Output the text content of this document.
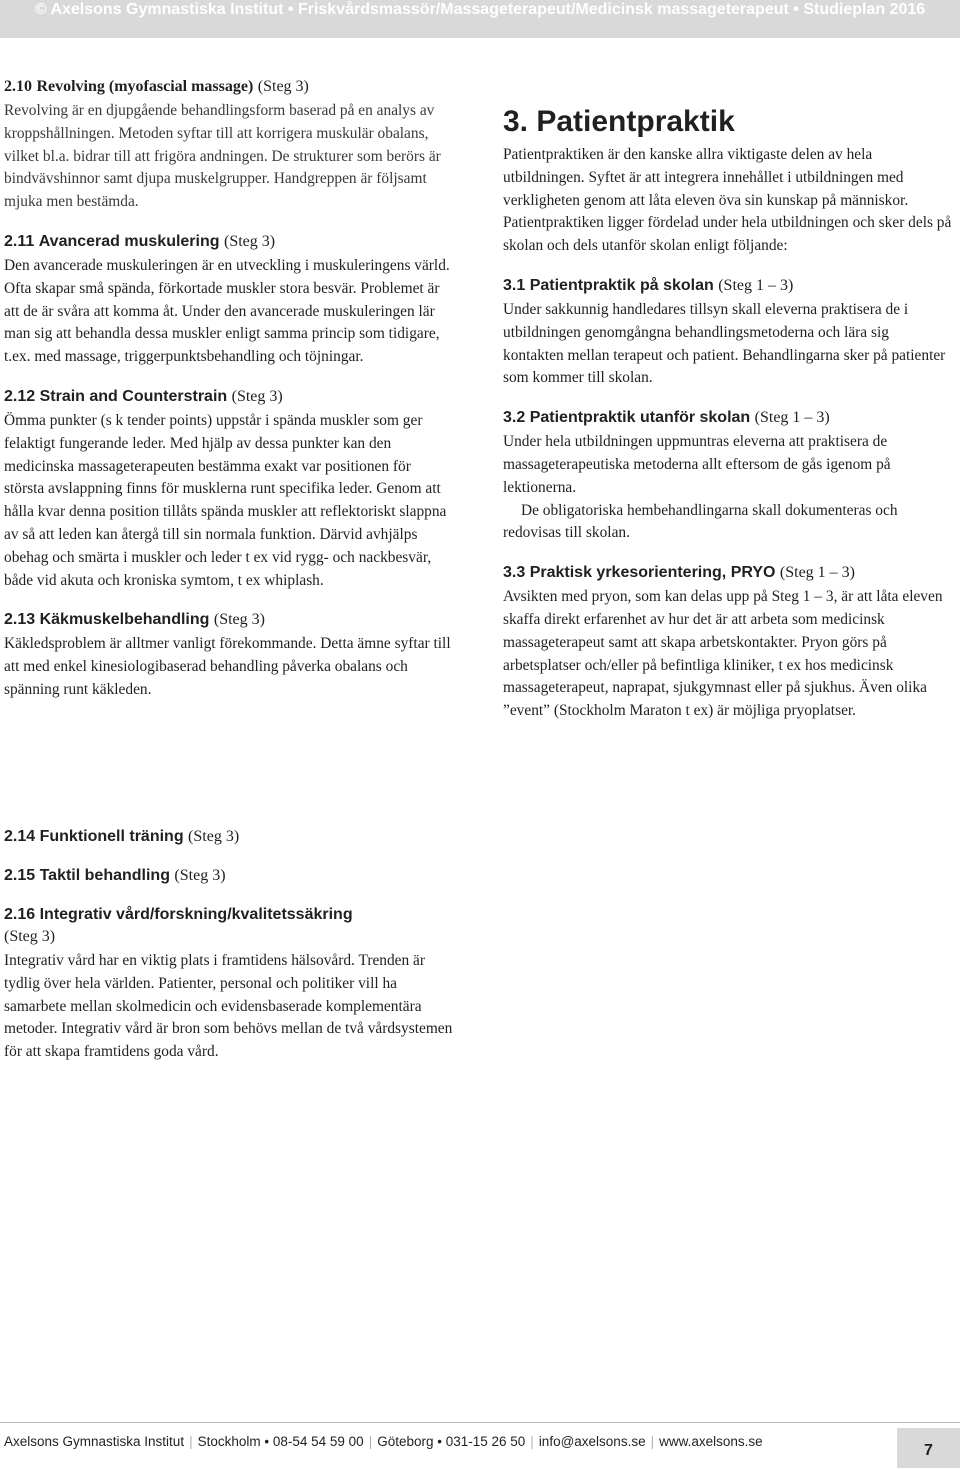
© Axelsons Gymnastiska Institut • Friskvårdsmassör/Massageterapeut/Medicinsk massageterapeut • Studieplan 2016
2.10 Revolving (myofascial massage) (Steg 3)

Revolving är en djupgående behandlingsform baserad på en analys av kroppshållningen. Metoden syftar till att korrigera muskulär obalans, vilket bl.a. bidrar till att frigöra andningen. De strukturer som berörs är bindvävshinnor samt djupa muskelgrupper. Handgreppen är följsamt mjuka men bestämda.

2.11 Avancerad muskulering (Steg 3)

Den avancerade muskuleringen är en utveckling i muskuleringens värld. Ofta skapar små spända, förkortade muskler stora besvär. Problemet är att de är svåra att komma åt. Under den avancerade muskuleringen lär man sig att behandla dessa muskler enligt samma princip som tidigare, t.ex. med massage, triggerpunktsbehandling och töjningar.

2.12 Strain and Counterstrain (Steg 3)

Ömma punkter (s k tender points) uppstår i spända muskler som ger felaktigt fungerande leder. Med hjälp av dessa punkter kan den medicinska massageterapeuten bestämma exakt var positionen för största avslappning finns för musklerna runt specifika leder. Genom att hålla kvar denna position tillåts spända muskler att reflektoriskt slappna av så att leden kan återgå till sin normala funktion. Därvid avhjälps obehag och smärta i muskler och leder t ex vid rygg- och nackbesvär, både vid akuta och kroniska symtom, t ex whiplash.

2.13 Käkmuskelbehandling (Steg 3)

Käkledsproblem är alltmer vanligt förekommande. Detta ämne syftar till att med enkel kinesiologibaserad behandling påverka obalans och spänning runt käkleden.

3. Patientpraktik

Patientpraktiken är den kanske allra viktigaste delen av hela utbildningen. Syftet är att integrera innehållet i utbildningen med verkligheten genom att låta eleven öva sin kunskap på människor. Patientpraktiken ligger fördelad under hela utbildningen och sker dels på skolan och dels utanför skolan enligt följande:

3.1 Patientpraktik på skolan (Steg 1 – 3)

Under sakkunnig handledares tillsyn skall eleverna praktisera de i utbildningen genomgångna behandlingsmetoderna och lära sig kontakten mellan terapeut och patient. Behandlingarna sker på patienter som kommer till skolan.

3.2 Patientpraktik utanför skolan (Steg 1 – 3)

Under hela utbildningen uppmuntras eleverna att praktisera de massageterapeutiska metoderna allt eftersom de gås igenom på lektionerna.

De obligatoriska hembehandlingarna skall dokumenteras och redovisas till skolan.

3.3 Praktisk yrkesorientering, PRYO (Steg 1 – 3)

Avsikten med pryon, som kan delas upp på Steg 1 – 3, är att låta eleven skaffa direkt erfarenhet av hur det är att arbeta som medicinsk massageterapeut samt att skapa arbetskontakter. Pryon görs på arbetsplatser och/eller på befintliga kliniker, t ex hos medicinsk massageterapeut, naprapat, sjukgymnast eller på sjukhus. Även olika ”event” (Stockholm Maraton t ex) är möjliga pryoplatser.

2.14 Funktionell träning (Steg 3)
2.15 Taktil behandling (Steg 3)
2.16 Integrativ vård/forskning/kvalitetssäkring
(Steg 3)

Integrativ vård har en viktig plats i framtidens hälsovård. Trenden är tydlig över hela världen. Patienter, personal och politiker vill ha samarbete mellan skolmedicin och evidensbaserade komplementära metoder. Integrativ vård är bron som behövs mellan de två vårdsystemen för att skapa framtidens goda vård.

Axelsons Gymnastiska Institut | Stockholm • 08-54 54 59 00 | Göteborg • 031-15 26 50 | info@axelsons.se | www.axelsons.se
7
